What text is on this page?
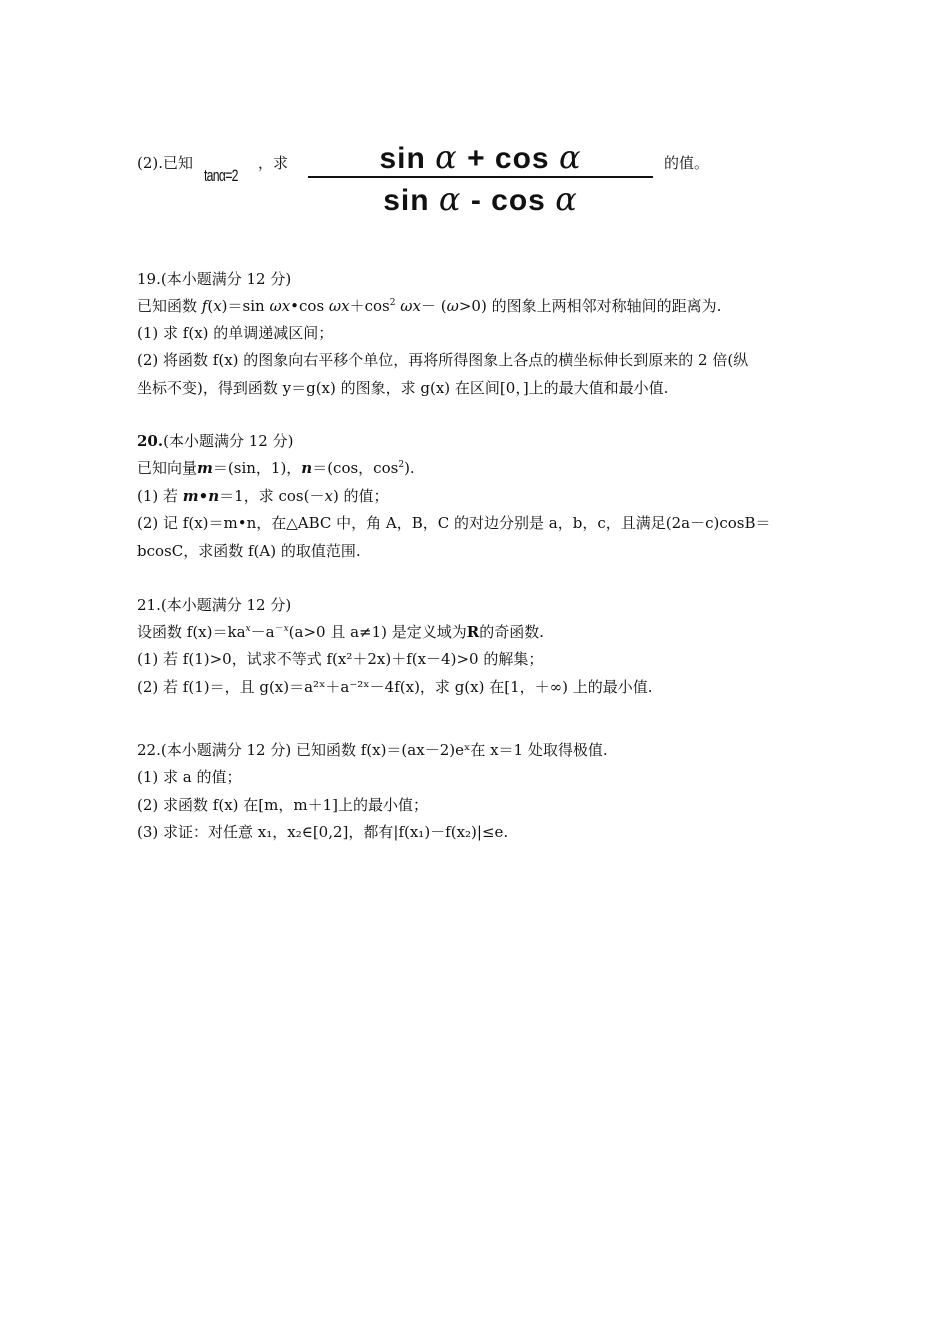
(2).已知
tanα=2
，求	sin α + cos α
sin α - cos α
的值。
19.(本小题满分 12 分)
已知函数 f(x)＝sin ωx•cos $\omega x+\cos^2$ ωx－ (ω>0) 的图象上两相邻对称轴间的距离为.
(1) 求 f(x) 的单调递减区间；
(2) 将函数 f(x) 的图象向右平移个单位，再将所得图象上各点的横坐标伸长到原来的 2 倍(纵
坐标不变)，得到函数 y＝g(x) 的图象，求 g(x) 在区间[0，]上的最大值和最小值.
20.(本小题满分 12 分)
已知向量m＝(sin，1)，n＝(cos，$\cos^2$).
(1) 若 m•n＝1，求 cos(－x) 的值；
(2) 记 f(x)＝m•n，在△ABC 中，角 A，B，C 的对边分别是 a，b，c，且满足(2a－c)cosB＝
bcosC，求函数 f(A) 的取值范围.
21.(本小题满分 12 分)
设函数 $f(x)=ka^x-a^{-x}(a>0$ 且 a≠1) 是定义域为R的奇函数.
(1) 若 f(1)>0，试求不等式 f(x²＋2x)＋f(x－4)>0 的解集；
(2) 若 f(1)＝，且 g(x)＝a²ˣ＋a⁻²ˣ－4f(x)，求 g(x) 在[1，＋∞) 上的最小值.
22.(本小题满分 12 分) 已知函数 f(x)＝(ax－2)eˣ在 x＝1 处取得极值.
(1) 求 a 的值；
(2) 求函数 f(x) 在[m，m＋1]上的最小值；
(3) 求证：对任意 x₁，x₂∈[0,2]，都有|f(x₁)－f(x₂)|≤e.
